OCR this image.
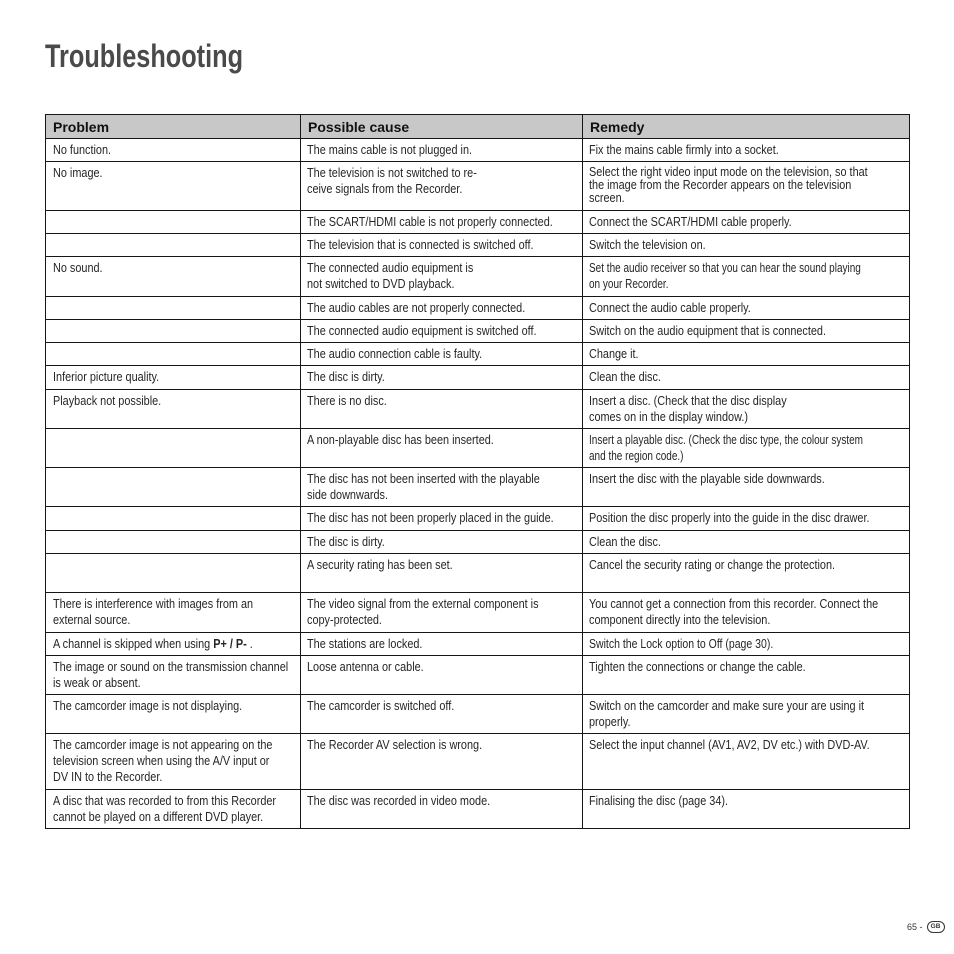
Troubleshooting
Problem	Possible cause	Remedy

No function.	The mains cable is not plugged in.	Fix the mains cable firmly into a socket.

No image.	The television is not switched to re-
ceive signals from the Recorder.	Select the right video input mode on the television, so that
the image from the Recorder appears on the television
screen.

	The SCART/HDMI cable is not properly connected.	Connect the SCART/HDMI cable properly.

	The television that is connected is switched off.	Switch the television on.

No sound.	The connected audio equipment is
not switched to DVD playback.	Set the audio receiver so that you can hear the sound playing
on your Recorder.

	The audio cables are not properly connected.	Connect the audio cable properly.

	The connected audio equipment is switched off.	Switch on the audio equipment that is connected.

	The audio connection cable is faulty.	Change it.

Inferior picture quality.	The disc is dirty.	Clean the disc.

Playback not possible.	There is no disc.	Insert a disc. (Check that the disc display
comes on in the display window.)

	A non-playable disc has been inserted.	Insert a playable disc. (Check the disc type, the colour system
and the region code.)

	The disc has not been inserted with the playable
side downwards.	Insert the disc with the playable side downwards.

	The disc has not been properly placed in the guide.	Position the disc properly into the guide in the disc drawer.

	The disc is dirty.	Clean the disc.

	A security rating has been set.	Cancel the security rating or change the protection.

There is interference with images from an
external source.	The video signal from the external component is
copy-protected.	You cannot get a connection from this recorder. Connect the
component directly into the television.

A channel is skipped when using P+ / P- .	The stations are locked.	Switch the Lock option to Off (page 30).

The image or sound on the transmission channel
is weak or absent.	Loose antenna or cable.	Tighten the connections or change the cable.

The camcorder image is not displaying.	The camcorder is switched off.	Switch on the camcorder and make sure your are using it
properly.

The camcorder image is not appearing on the
television screen when using the A/V input or
DV IN to the Recorder.	The Recorder AV selection is wrong.	Select the input channel (AV1, AV2, DV etc.) with DVD-AV.

A disc that was recorded to from this Recorder
cannot be played on a different DVD player.	The disc was recorded in video mode.	Finalising the disc (page 34).
65 -	GB
